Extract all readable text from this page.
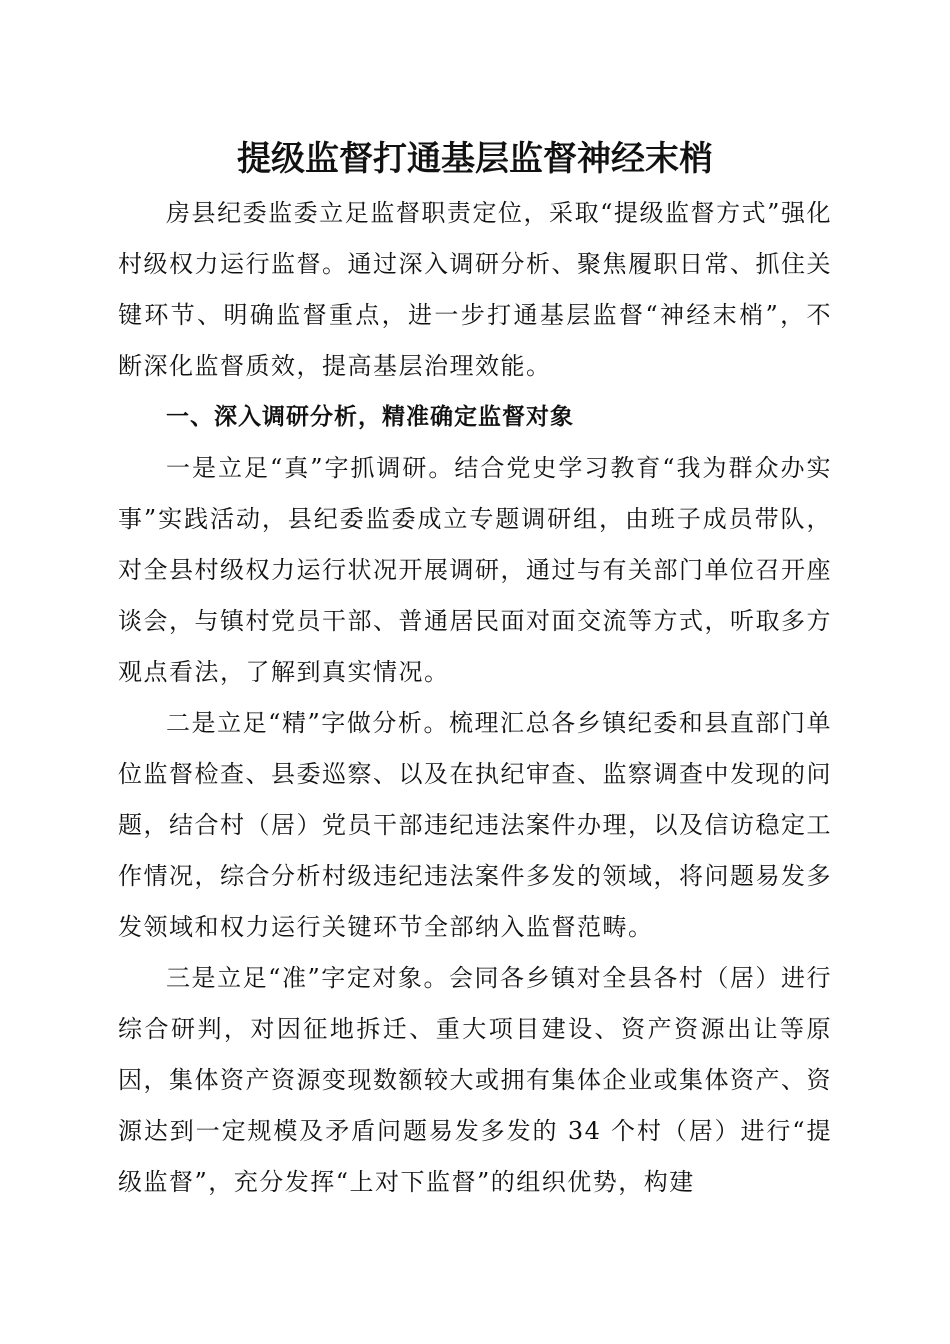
提级监督打通基层监督神经末梢

房县纪委监委立足监督职责定位，采取“提级监督方式”强化村级权力运行监督。通过深入调研分析、聚焦履职日常、抓住关键环节、明确监督重点，进一步打通基层监督“神经末梢”，不断深化监督质效，提高基层治理效能。

一、深入调研分析，精准确定监督对象

一是立足“真”字抓调研。结合党史学习教育“我为群众办实事”实践活动，县纪委监委成立专题调研组，由班子成员带队，对全县村级权力运行状况开展调研，通过与有关部门单位召开座谈会，与镇村党员干部、普通居民面对面交流等方式，听取多方观点看法，了解到真实情况。

二是立足“精”字做分析。梳理汇总各乡镇纪委和县直部门单位监督检查、县委巡察、以及在执纪审查、监察调查中发现的问题，结合村（居）党员干部违纪违法案件办理，以及信访稳定工作情况，综合分析村级违纪违法案件多发的领域，将问题易发多发领域和权力运行关键环节全部纳入监督范畴。

三是立足“准”字定对象。会同各乡镇对全县各村（居）进行综合研判，对因征地拆迁、重大项目建设、资产资源出让等原因，集体资产资源变现数额较大或拥有集体企业或集体资产、资源达到一定规模及矛盾问题易发多发的 34 个村（居）进行“提级监督”，充分发挥“上对下监督”的组织优势，构建
